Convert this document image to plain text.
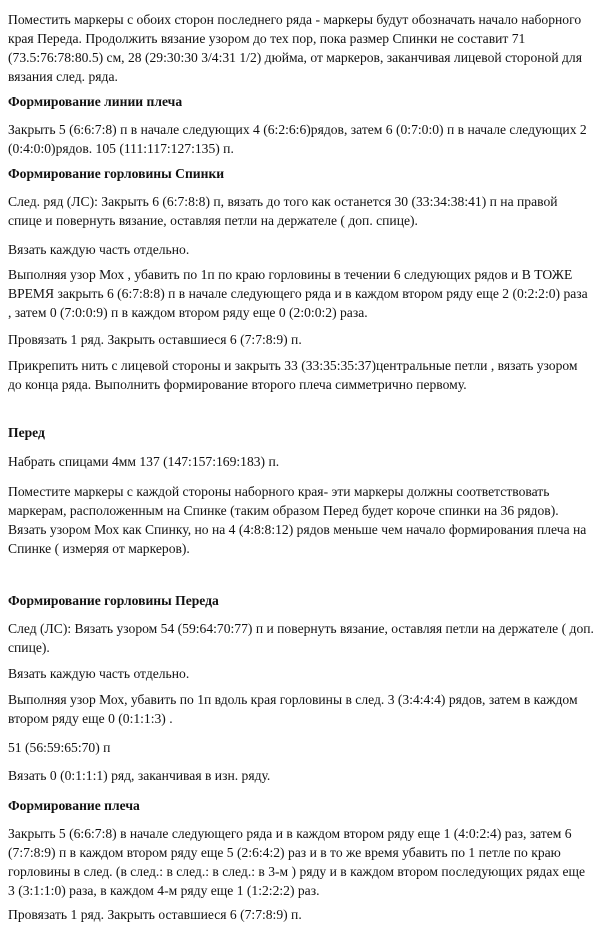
Поместить маркеры с обоих сторон последнего ряда - маркеры будут обозначать начало наборного края Переда. Продолжить вязание узором до тех пор, пока размер Спинки не составит 71 (73.5:76:78:80.5) см, 28 (29:30:30 3/4:31 1/2) дюйма, от маркеров, заканчивая лицевой стороной для вязания след. ряда.

Формирование линии плеча

Закрыть 5 (6:6:7:8) п в начале следующих 4 (6:2:6:6)рядов, затем 6 (0:7:0:0) п в начале следующих 2 (0:4:0:0)рядов. 105 (111:117:127:135) п.

Формирование горловины Спинки

След. ряд (ЛС): Закрыть 6 (6:7:8:8) п, вязать до того как останется 30 (33:34:38:41) п на правой спице и повернуть вязание, оставляя петли на держателе ( доп. спице).

Вязать каждую часть отдельно.

Выполняя узор Мох , убавить по 1п по краю горловины в течении 6 следующих рядов и В ТОЖЕ ВРЕМЯ закрыть 6 (6:7:8:8) п в начале следующего ряда и в каждом втором ряду еще 2 (0:2:2:0) раза , затем 0 (7:0:0:9) п в каждом втором ряду еще 0 (2:0:0:2) раза.

Провязать 1 ряд. Закрыть оставшиеся 6 (7:7:8:9) п.

Прикрепить нить с лицевой стороны и закрыть 33 (33:35:35:37)центральные петли , вязать узором до конца ряда. Выполнить формирование второго плеча симметрично первому.

Перед

Набрать спицами 4мм 137 (147:157:169:183) п.

Поместите маркеры с каждой стороны наборного края- эти маркеры должны соответствовать маркерам, расположенным на Спинке (таким образом Перед будет короче спинки на 36 рядов). Вязать узором Мох как Спинку, но на 4 (4:8:8:12) рядов меньше чем начало формирования плеча на Спинке ( измеряя от маркеров).

Формирование горловины Переда

След (ЛС): Вязать узором 54 (59:64:70:77) п и повернуть вязание, оставляя петли на держателе ( доп. спице).

Вязать каждую часть отдельно.

Выполняя узор Мох, убавить по 1п вдоль края горловины в след. 3 (3:4:4:4) рядов, затем в каждом втором ряду еще 0 (0:1:1:3) .

51 (56:59:65:70) п

Вязать 0 (0:1:1:1) ряд, заканчивая в изн. ряду.

Формирование плеча

Закрыть 5 (6:6:7:8) в начале следующего ряда и в каждом втором ряду еще 1 (4:0:2:4) раз, затем 6 (7:7:8:9) п в каждом втором ряду еще 5 (2:6:4:2) раз и в то же время убавить по 1 петле по краю горловины в след. (в след.: в след.: в след.: в 3-м ) ряду и в каждом втором последующих рядах еще 3 (3:1:1:0) раза, в каждом 4-м ряду еще 1 (1:2:2:2) раз.

Провязать 1 ряд. Закрыть оставшиеся 6 (7:7:8:9) п.
